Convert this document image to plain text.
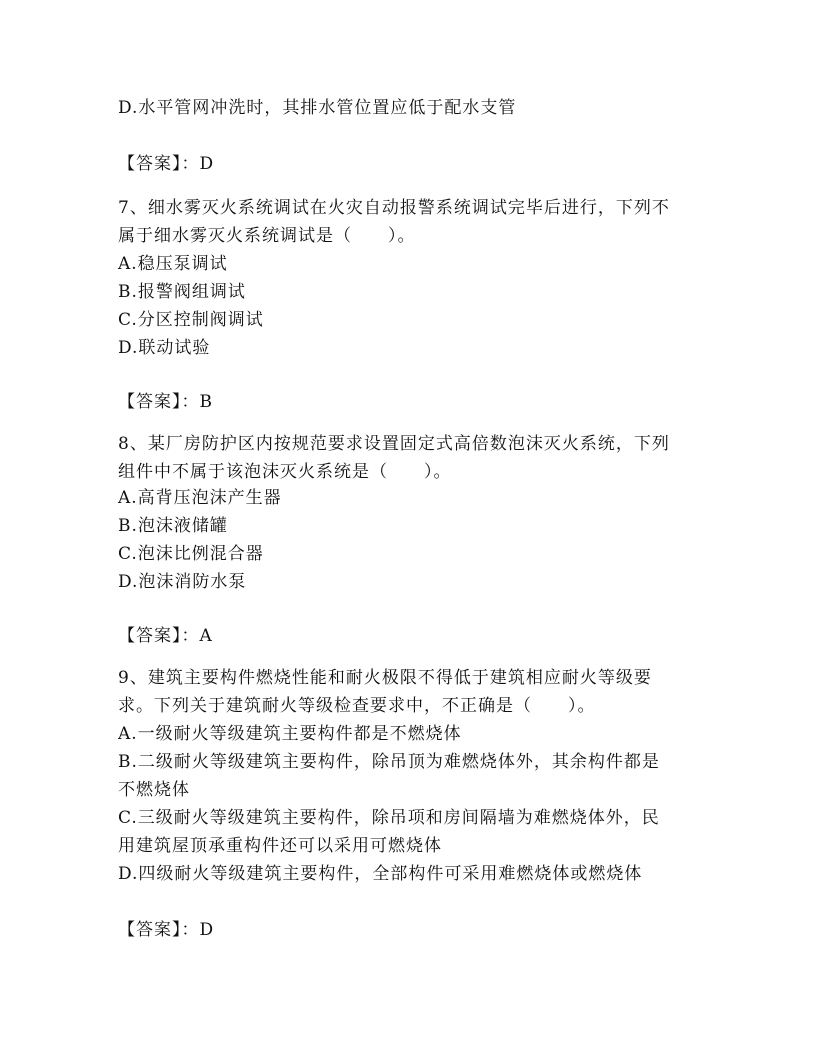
D.水平管网冲洗时，其排水管位置应低于配水支管
【答案】：D
7、细水雾灭火系统调试在火灾自动报警系统调试完毕后进行，下列不
属于细水雾灭火系统调试是（　　）。
A.稳压泵调试
B.报警阀组调试
C.分区控制阀调试
D.联动试验
【答案】：B
8、某厂房防护区内按规范要求设置固定式高倍数泡沫灭火系统，下列
组件中不属于该泡沫灭火系统是（　　）。
A.高背压泡沫产生器
B.泡沫液储罐
C.泡沫比例混合器
D.泡沫消防水泵
【答案】：A
9、建筑主要构件燃烧性能和耐火极限不得低于建筑相应耐火等级要
求。下列关于建筑耐火等级检查要求中，不正确是（　　）。
A.一级耐火等级建筑主要构件都是不燃烧体
B.二级耐火等级建筑主要构件，除吊顶为难燃烧体外，其余构件都是
不燃烧体
C.三级耐火等级建筑主要构件，除吊项和房间隔墙为难燃烧体外，民
用建筑屋顶承重构件还可以采用可燃烧体
D.四级耐火等级建筑主要构件，全部构件可采用难燃烧体或燃烧体
【答案】：D
